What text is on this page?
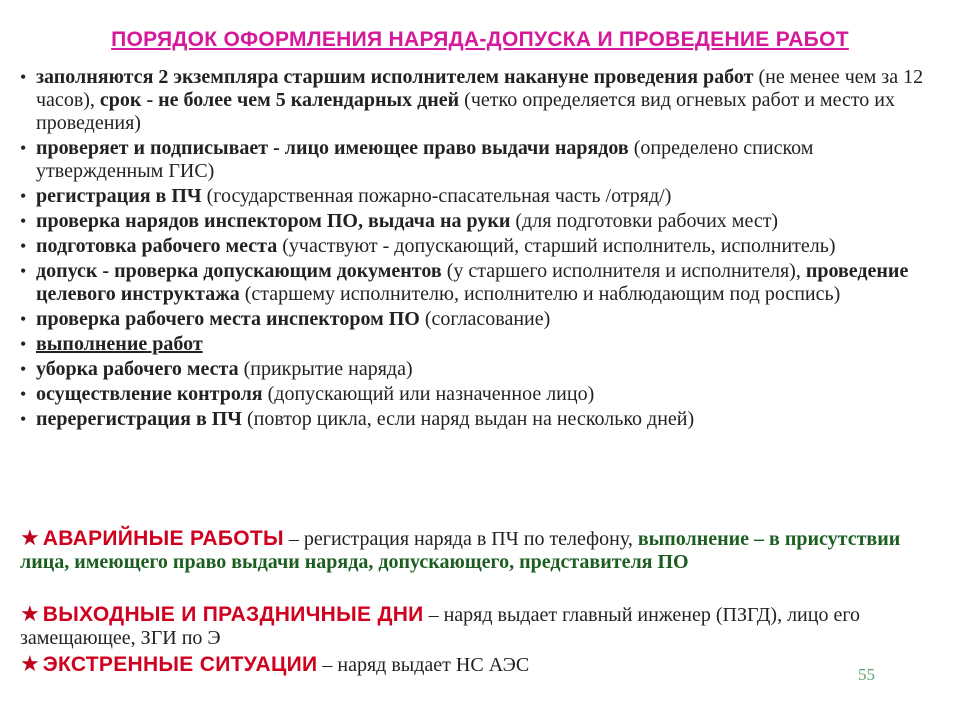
ПОРЯДОК ОФОРМЛЕНИЯ НАРЯДА-ДОПУСКА И ПРОВЕДЕНИЕ РАБОТ
• заполняются 2 экземпляра старшим исполнителем накануне проведения работ (не менее чем за 12 часов), срок - не более чем 5 календарных дней (четко определяется вид огневых работ и место их проведения)
• проверяет и подписывает - лицо имеющее право выдачи нарядов (определено списком утвержденным ГИС)
• регистрация в ПЧ (государственная пожарно-спасательная часть /отряд/)
• проверка нарядов инспектором ПО, выдача на руки (для подготовки рабочих мест)
• подготовка рабочего места (участвуют - допускающий, старший исполнитель, исполнитель)
• допуск - проверка допускающим документов (у старшего исполнителя и исполнителя), проведение целевого инструктажа (старшему исполнителю, исполнителю и наблюдающим под роспись)
• проверка рабочего места инспектором ПО (согласование)
• выполнение работ
• уборка рабочего места (прикрытие наряда)
• осуществление контроля (допускающий или назначенное лицо)
• перерегистрация в ПЧ (повтор цикла, если наряд выдан на несколько дней)
★ АВАРИЙНЫЕ РАБОТЫ – регистрация наряда в ПЧ по телефону, выполнение – в присутствии лица, имеющего право выдачи наряда, допускающего, представителя ПО
★ ВЫХОДНЫЕ И ПРАЗДНИЧНЫЕ ДНИ – наряд выдает главный инженер (ПЗГД), лицо его замещающее, ЗГИ по Э
★ ЭКСТРЕННЫЕ СИТУАЦИИ – наряд выдает НС АЭС	55
